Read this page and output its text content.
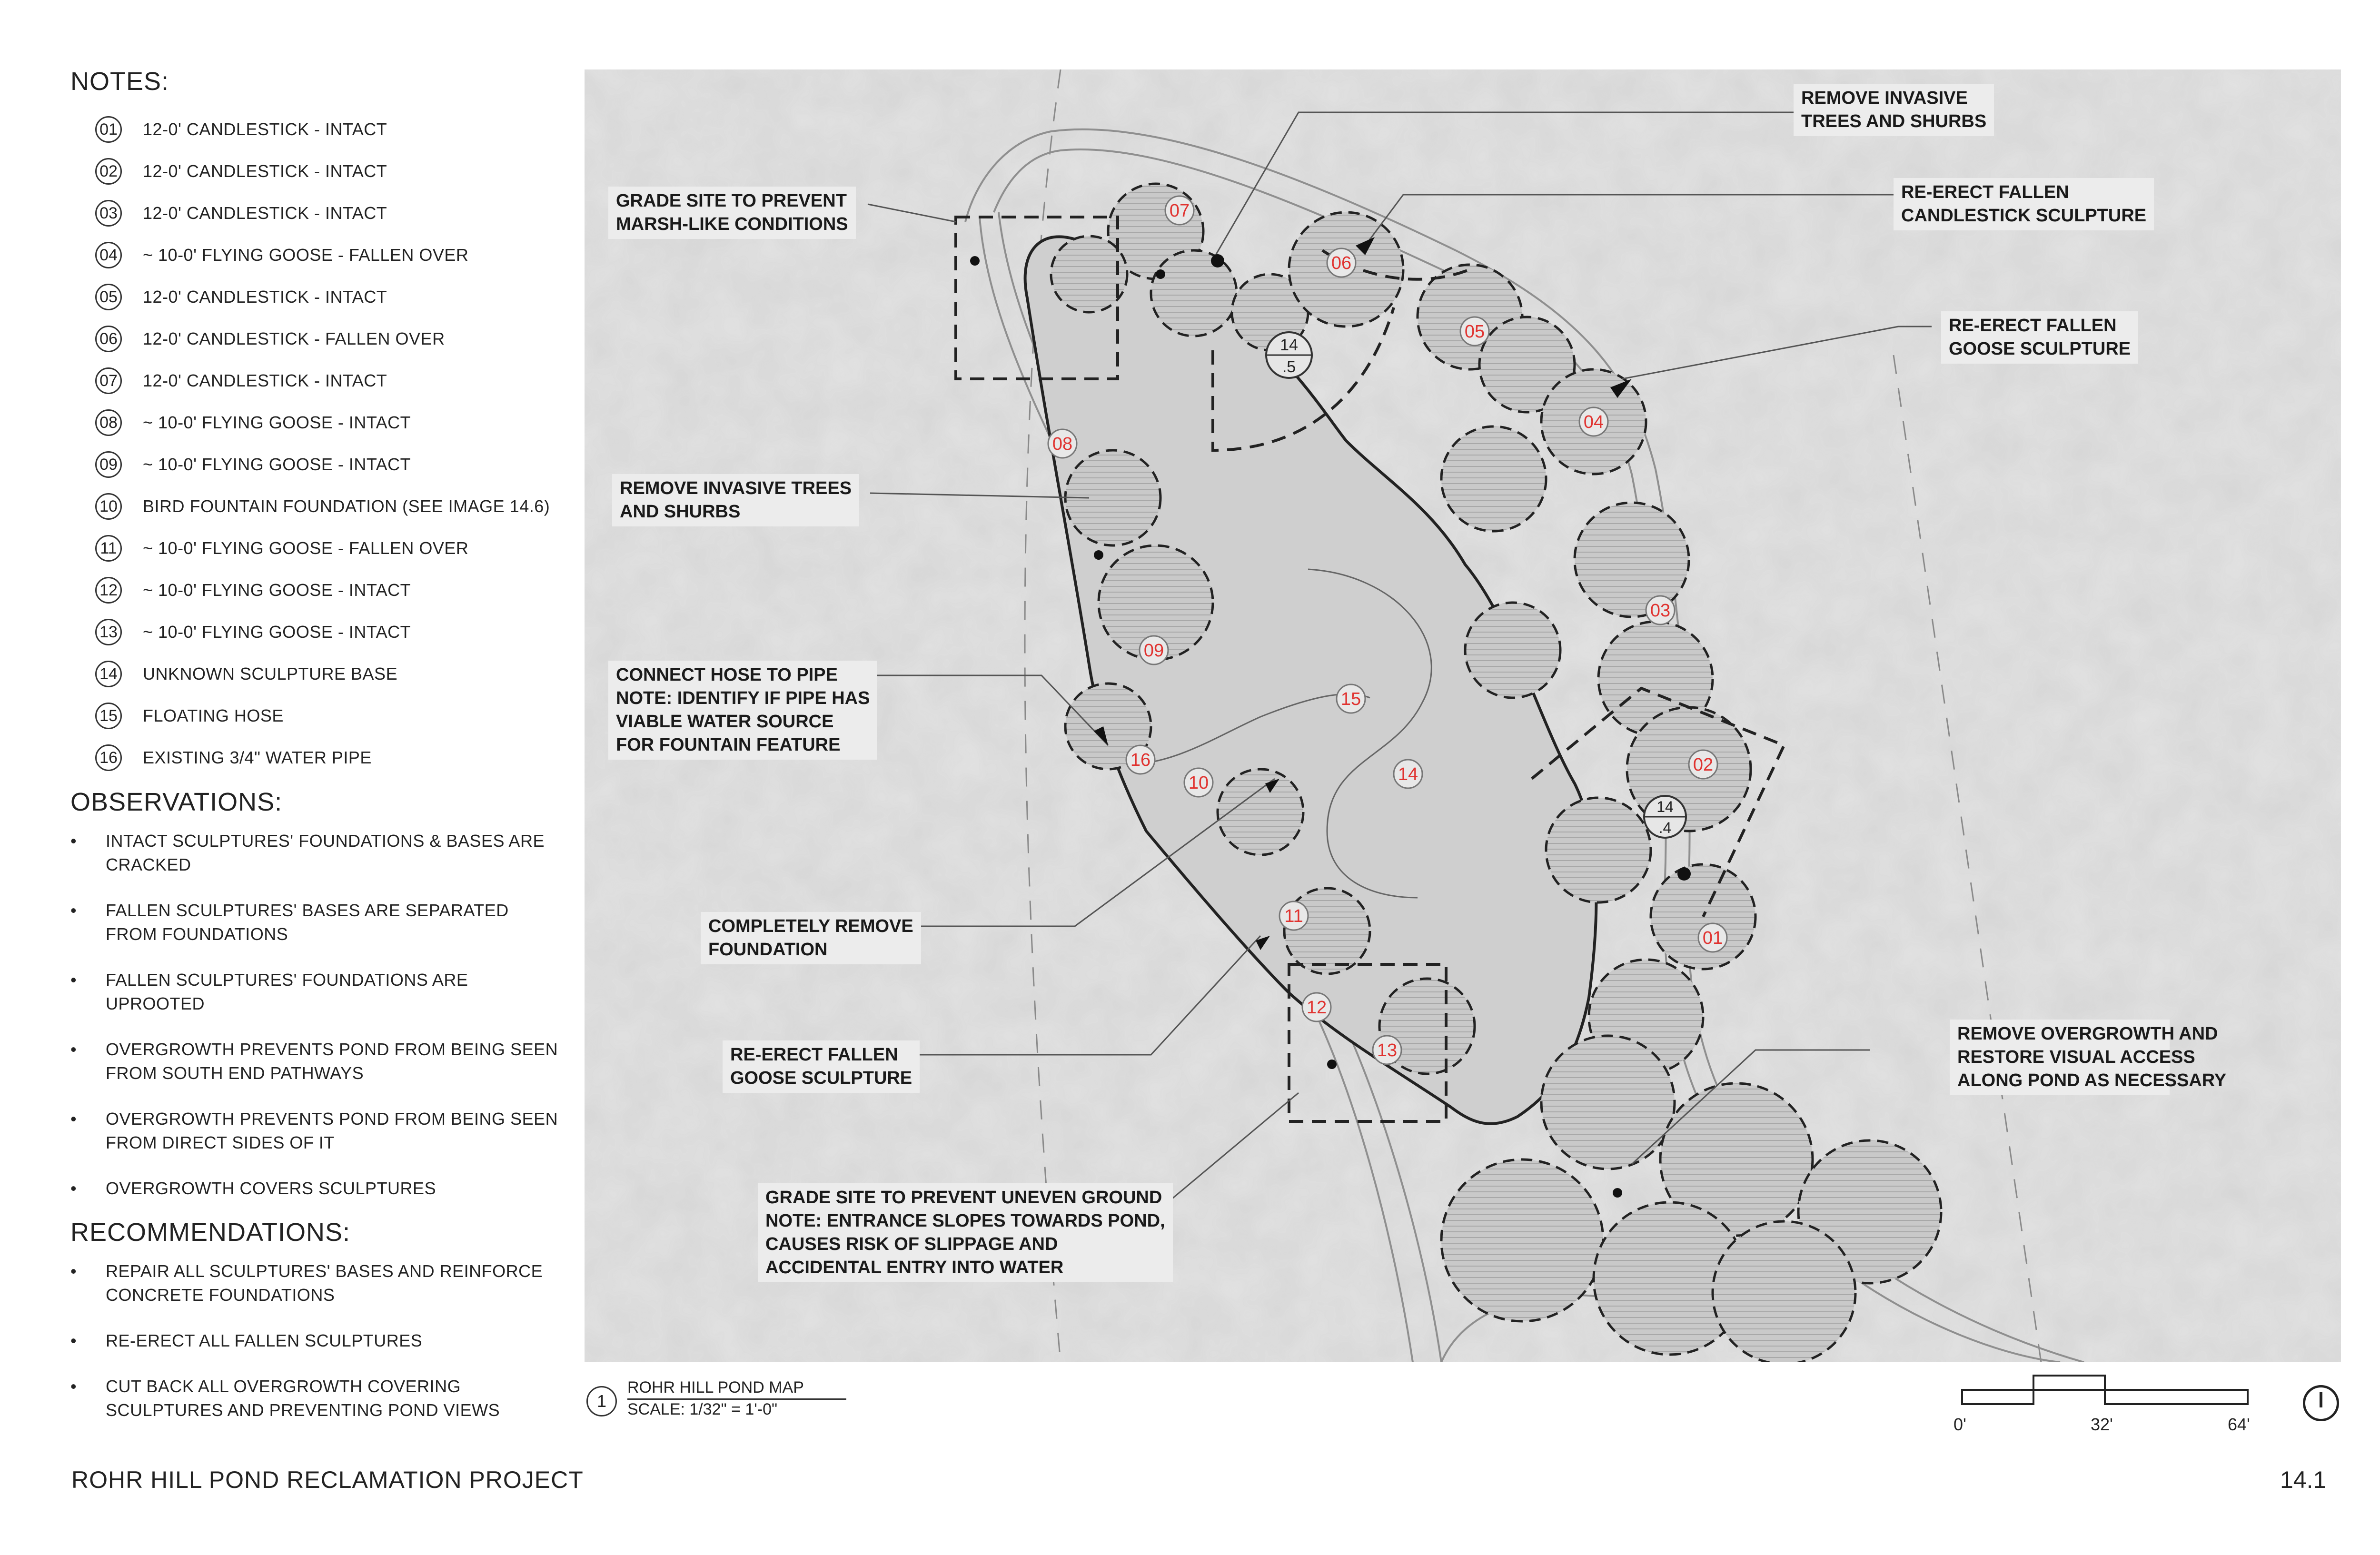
NOTES:
01 12-0' CANDLESTICK - INTACT
02 12-0' CANDLESTICK - INTACT
03 12-0' CANDLESTICK - INTACT
04 ~ 10-0' FLYING GOOSE - FALLEN OVER
05 12-0' CANDLESTICK - INTACT
06 12-0' CANDLESTICK - FALLEN OVER
07 12-0' CANDLESTICK - INTACT
08 ~ 10-0' FLYING GOOSE - INTACT
09 ~ 10-0' FLYING GOOSE - INTACT
10 BIRD FOUNTAIN FOUNDATION (SEE IMAGE 14.6)
11 ~ 10-0' FLYING GOOSE - FALLEN OVER
12 ~ 10-0' FLYING GOOSE - INTACT
13 ~ 10-0' FLYING GOOSE - INTACT
14 UNKNOWN SCULPTURE BASE
15 FLOATING HOSE
16 EXISTING 3/4" WATER PIPE
OBSERVATIONS:
•	INTACT SCULPTURES' FOUNDATIONS & BASES ARE CRACKED
•	FALLEN SCULPTURES' BASES ARE SEPARATED FROM FOUNDATIONS
•	FALLEN SCULPTURES' FOUNDATIONS ARE UPROOTED
•	OVERGROWTH PREVENTS POND FROM BEING SEEN FROM SOUTH END PATHWAYS
•	OVERGROWTH PREVENTS POND FROM BEING SEEN FROM DIRECT SIDES OF IT
•	OVERGROWTH COVERS SCULPTURES
RECOMMENDATIONS:
•	REPAIR ALL SCULPTURES' BASES AND REINFORCE CONCRETE FOUNDATIONS
•	RE-ERECT ALL FALLEN SCULPTURES
•	CUT BACK ALL OVERGROWTH COVERING SCULPTURES AND PREVENTING POND VIEWS
14
.5
14
.4
01
02
03
04
05
06
07
08
09
10
11
12
13
14
15
16
REMOVE INVASIVE
TREES AND SHURBS
GRADE SITE TO PREVENT
MARSH-LIKE CONDITIONS
RE-ERECT FALLEN
CANDLESTICK SCULPTURE
RE-ERECT FALLEN
GOOSE SCULPTURE
REMOVE INVASIVE TREES
AND SHURBS
CONNECT HOSE TO PIPE
NOTE: IDENTIFY IF PIPE HAS
VIABLE WATER SOURCE
FOR FOUNTAIN FEATURE
COMPLETELY REMOVE
FOUNDATION
RE-ERECT FALLEN
GOOSE SCULPTURE
GRADE SITE TO PREVENT UNEVEN GROUND
NOTE: ENTRANCE SLOPES TOWARDS POND,
CAUSES RISK OF SLIPPAGE AND
ACCIDENTAL ENTRY INTO WATER
REMOVE OVERGROWTH AND
RESTORE VISUAL ACCESS
ALONG POND AS NECESSARY
1
ROHR HILL POND MAP
SCALE: 1/32" = 1'-0"
0'	32'	64'
ROHR HILL POND RECLAMATION PROJECT	14.1
